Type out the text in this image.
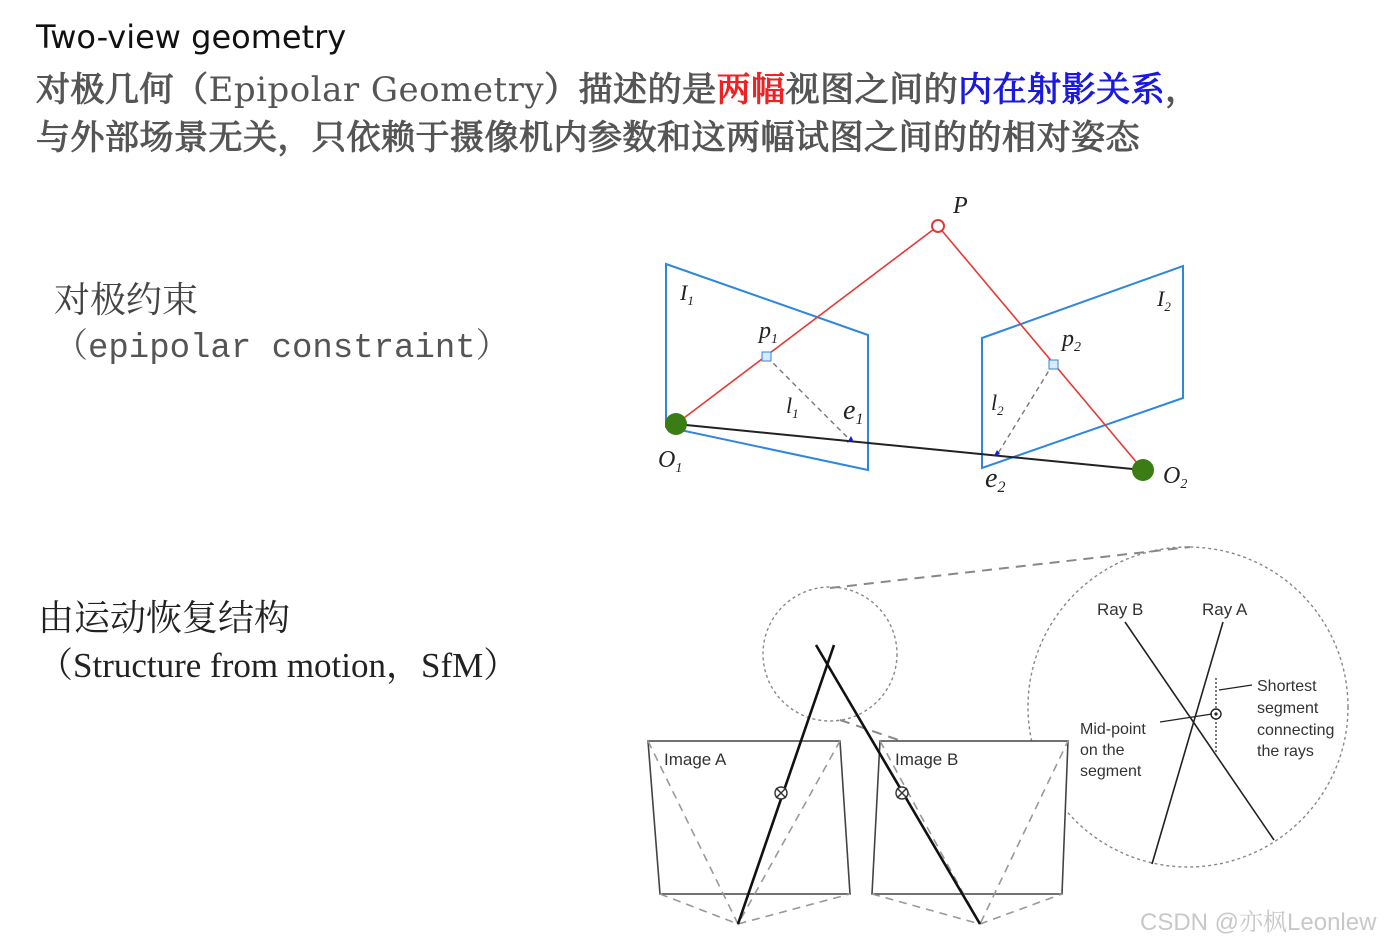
Two-view geometry
对极几何（Epipolar Geometry）描述的是两幅视图之间的内在射影关系，
与外部场景无关，只依赖于摄像机内参数和这两幅试图之间的的相对姿态
对极约束
（epipolar constraint）
由运动恢复结构
（Structure from motion，SfM）
P
$I_1$	$I_2$
$p_1$	$p_2$
$l_1$	$l_2$
e1
e2
$O_1$	$O_2$
Image A	Image B
Ray B	Ray A
Mid-point
on the
segment
Shortest
segment
connecting
the rays
CSDN @亦枫Leonlew
